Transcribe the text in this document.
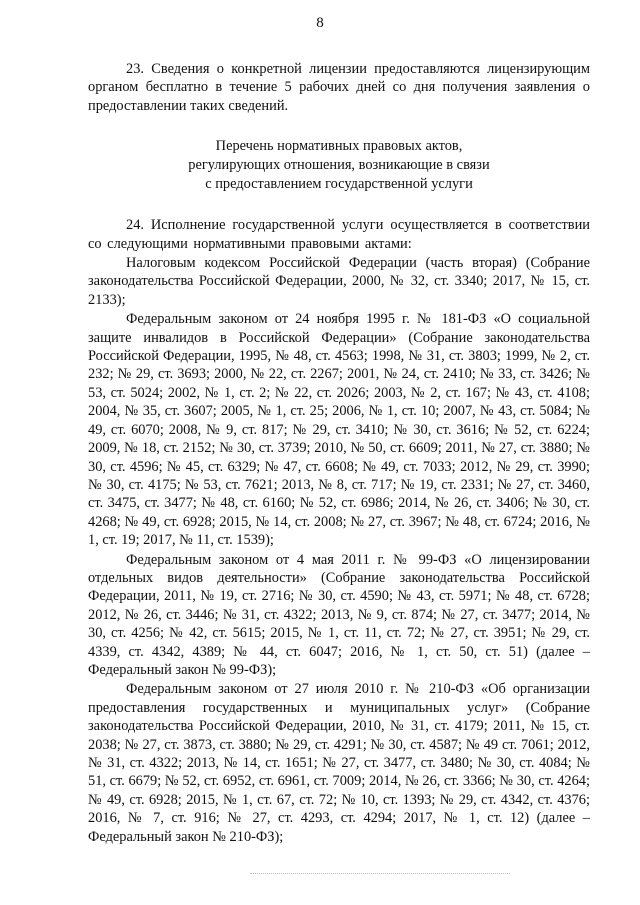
8

23. Сведения о конкретной лицензии предоставляются лицензирующим органом бесплатно в течение 5 рабочих дней со дня получения заявления о предоставлении таких сведений.

Перечень нормативных правовых актов,
регулирующих отношения, возникающие в связи
с предоставлением государственной услуги

24. Исполнение государственной услуги осуществляется в соответствии со следующими нормативными правовыми актами:

Налоговым кодексом Российской Федерации (часть вторая) (Собрание законодательства Российской Федерации, 2000, № 32, ст. 3340; 2017, № 15, ст. 2133);

Федеральным законом от 24 ноября 1995 г. № 181-ФЗ «О социальной защите инвалидов в Российской Федерации» (Собрание законодательства Российской Федерации, 1995, № 48, ст. 4563; 1998, № 31, ст. 3803; 1999, № 2, ст. 232; № 29, ст. 3693; 2000, № 22, ст. 2267; 2001, № 24, ст. 2410; № 33, ст. 3426; № 53, ст. 5024; 2002, № 1, ст. 2; № 22, ст. 2026; 2003, № 2, ст. 167; № 43, ст. 4108; 2004, № 35, ст. 3607; 2005, № 1, ст. 25; 2006, № 1, ст. 10; 2007, № 43, ст. 5084; № 49, ст. 6070; 2008, № 9, ст. 817; № 29, ст. 3410; № 30, ст. 3616; № 52, ст. 6224; 2009, № 18, ст. 2152; № 30, ст. 3739; 2010, № 50, ст. 6609; 2011, № 27, ст. 3880; № 30, ст. 4596; № 45, ст. 6329; № 47, ст. 6608; № 49, ст. 7033; 2012, № 29, ст. 3990; № 30, ст. 4175; № 53, ст. 7621; 2013, № 8, ст. 717; № 19, ст. 2331; № 27, ст. 3460, ст. 3475, ст. 3477; № 48, ст. 6160; № 52, ст. 6986; 2014, № 26, ст. 3406; № 30, ст. 4268; № 49, ст. 6928; 2015, № 14, ст. 2008; № 27, ст. 3967; № 48, ст. 6724; 2016, № 1, ст. 19; 2017, № 11, ст. 1539);

Федеральным законом от 4 мая 2011 г. № 99-ФЗ «О лицензировании отдельных видов деятельности» (Собрание законодательства Российской Федерации, 2011, № 19, ст. 2716; № 30, ст. 4590; № 43, ст. 5971; № 48, ст. 6728; 2012, № 26, ст. 3446; № 31, ст. 4322; 2013, № 9, ст. 874; № 27, ст. 3477; 2014, № 30, ст. 4256; № 42, ст. 5615; 2015, № 1, ст. 11, ст. 72; № 27, ст. 3951; № 29, ст. 4339, ст. 4342, 4389; № 44, ст. 6047; 2016, № 1, ст. 50, ст. 51) (далее – Федеральный закон № 99-ФЗ);

Федеральным законом от 27 июля 2010 г. № 210-ФЗ «Об организации предоставления государственных и муниципальных услуг» (Собрание законодательства Российской Федерации, 2010, № 31, ст. 4179; 2011, № 15, ст. 2038; № 27, ст. 3873, ст. 3880; № 29, ст. 4291; № 30, ст. 4587; № 49 ст. 7061; 2012, № 31, ст. 4322; 2013, № 14, ст. 1651; № 27, ст. 3477, ст. 3480; № 30, ст. 4084; № 51, ст. 6679; № 52, ст. 6952, ст. 6961, ст. 7009; 2014, № 26, ст. 3366; № 30, ст. 4264; № 49, ст. 6928; 2015, № 1, ст. 67, ст. 72; № 10, ст. 1393; № 29, ст. 4342, ст. 4376; 2016, № 7, ст. 916; № 27, ст. 4293, ст. 4294; 2017, № 1, ст. 12) (далее – Федеральный закон № 210-ФЗ);
